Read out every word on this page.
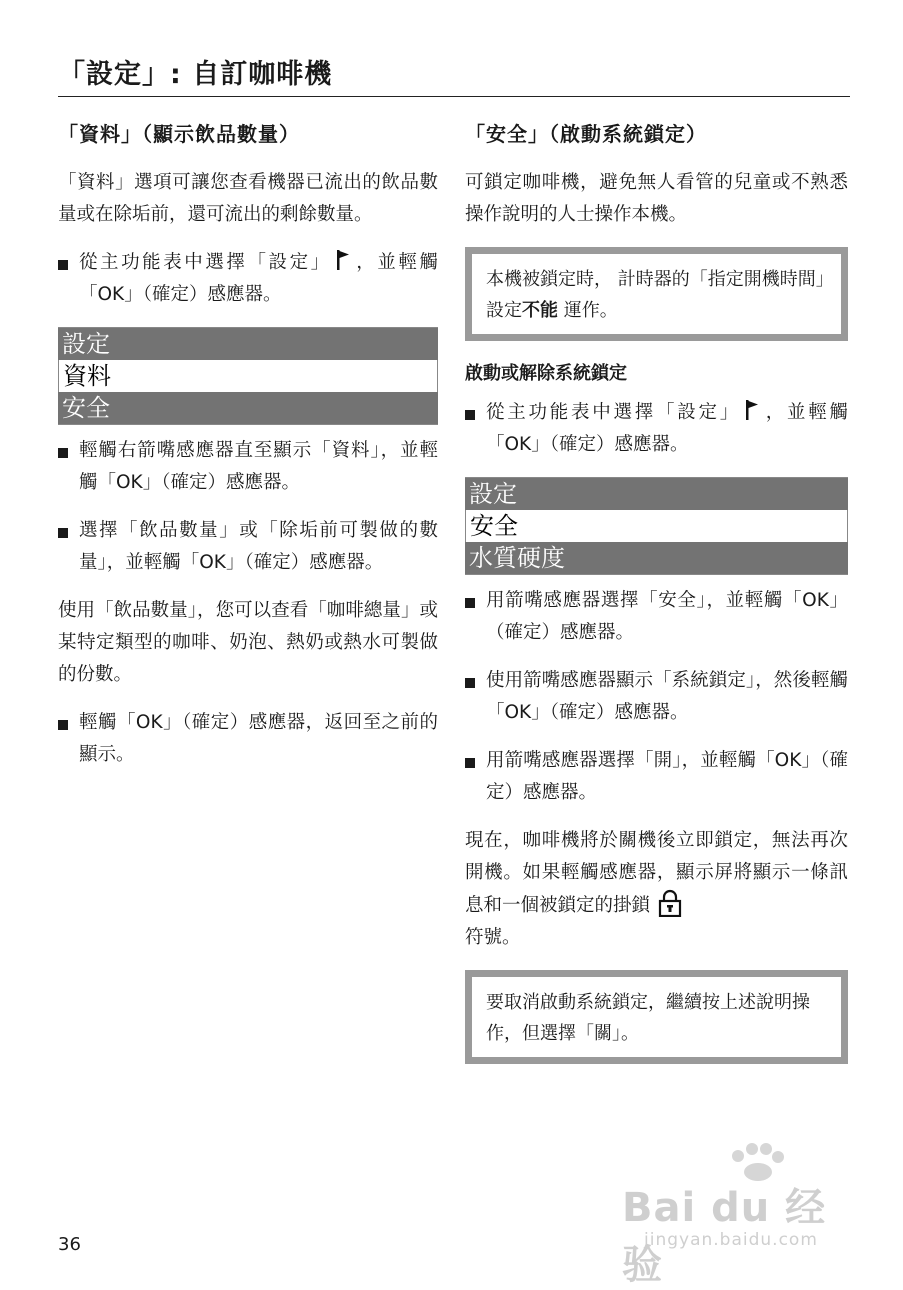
「設定」: 自訂咖啡機
「資料」（顯示飲品數量）

「資料」選項可讓您查看機器已流出的飲品數量或在除垢前，還可流出的剩餘數量。

從主功能表中選擇「設定」 ，並輕觸「OK」（確定）感應器。
設定
資料
安全
輕觸右箭嘴感應器直至顯示「資料」，並輕觸「OK」（確定）感應器。
選擇「飲品數量」或「除垢前可製做的數量」，並輕觸「OK」（確定）感應器。

使用「飲品數量」，您可以查看「咖啡總量」或某特定類型的咖啡、奶泡、熱奶或熱水可製做的份數。

輕觸「OK」（確定）感應器，返回至之前的顯示。
「安全」（啟動系統鎖定）

可鎖定咖啡機，避免無人看管的兒童或不熟悉操作說明的人士操作本機。

本機被鎖定時， 計時器的「指定開機時間」設定不能 運作。
啟動或解除系統鎖定
從主功能表中選擇「設定」 ，並輕觸「OK」（確定）感應器。
設定
安全
水質硬度
用箭嘴感應器選擇「安全」，並輕觸「OK」（確定）感應器。
使用箭嘴感應器顯示「系統鎖定」，然後輕觸「OK」（確定）感應器。
用箭嘴感應器選擇「開」，並輕觸「OK」（確定）感應器。

現在，咖啡機將於關機後立即鎖定，無法再次開機。如果輕觸感應器，顯示屏將顯示一條訊息和一個被鎖定的掛鎖
符號。

要取消啟動系統鎖定，繼續按上述說明操作，但選擇「關」。
36
Bai du 经验
jingyan.baidu.com
